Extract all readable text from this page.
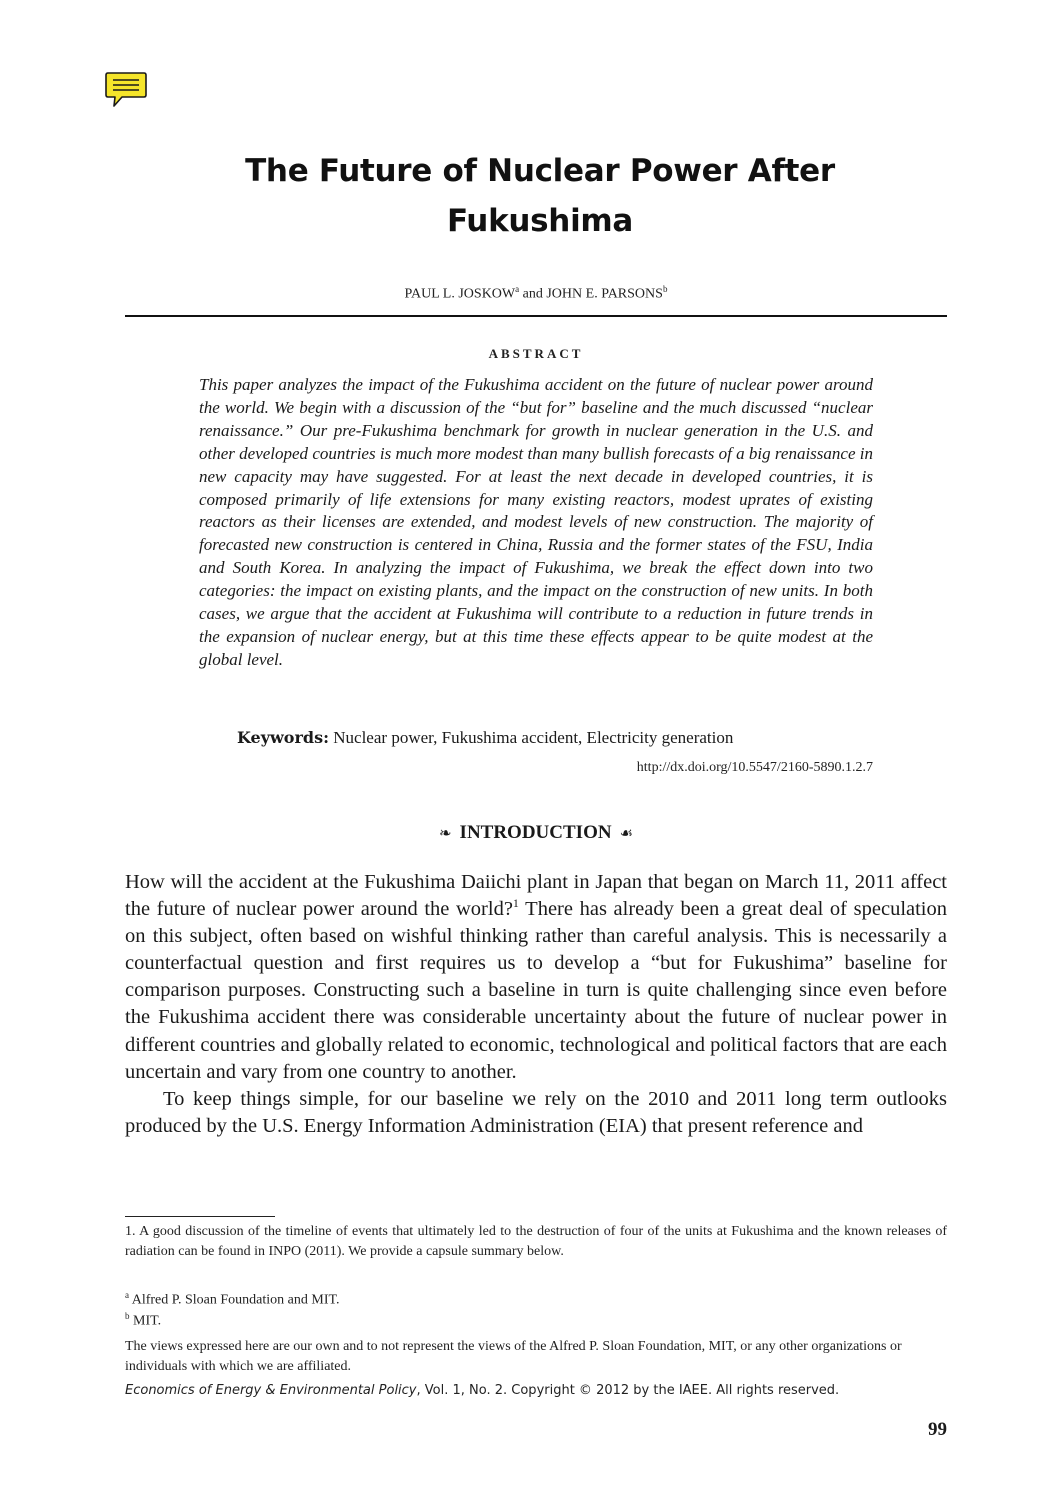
The Future of Nuclear Power After Fukushima
PAUL L. JOSKOW$^a$ and JOHN E. PARSONS$^b$
ABSTRACT

This paper analyzes the impact of the Fukushima accident on the future of nuclear power around the world. We begin with a discussion of the “but for” baseline and the much discussed “nuclear renaissance.” Our pre-Fukushima benchmark for growth in nuclear generation in the U.S. and other developed countries is much more modest than many bullish forecasts of a big renaissance in new capacity may have suggested. For at least the next decade in developed countries, it is composed primarily of life extensions for many existing reactors, modest uprates of existing reactors as their licenses are extended, and modest levels of new construction. The majority of forecasted new construction is centered in China, Russia and the former states of the FSU, India and South Korea. In analyzing the impact of Fukushima, we break the effect down into two categories: the impact on existing plants, and the impact on the construction of new units. In both cases, we argue that the accident at Fukushima will contribute to a reduction in future trends in the expansion of nuclear energy, but at this time these effects appear to be quite modest at the global level.

Keywords: Nuclear power, Fukushima accident, Electricity generation
http://dx.doi.org/10.5547/2160-5890.1.2.7
❧ INTRODUCTION ☙

How will the accident at the Fukushima Daiichi plant in Japan that began on March 11, 2011 affect the future of nuclear power around the world?$^1$ There has already been a great deal of speculation on this subject, often based on wishful thinking rather than careful analysis. This is necessarily a counterfactual question and first requires us to develop a “but for Fukushima” baseline for comparison purposes. Constructing such a baseline in turn is quite challenging since even before the Fukushima accident there was considerable uncertainty about the future of nuclear power in different countries and globally related to economic, technological and political factors that are each uncertain and vary from one country to another.

To keep things simple, for our baseline we rely on the 2010 and 2011 long term outlooks produced by the U.S. Energy Information Administration (EIA) that present reference and

1. A good discussion of the timeline of events that ultimately led to the destruction of four of the units at Fukushima and the known releases of radiation can be found in INPO (2011). We provide a capsule summary below.

$^a$ Alfred P. Sloan Foundation and MIT.
$^b$ MIT.

The views expressed here are our own and to not represent the views of the Alfred P. Sloan Foundation, MIT, or any other organizations or individuals with which we are affiliated.

Economics of Energy & Environmental Policy, Vol. 1, No. 2. Copyright © 2012 by the IAEE. All rights reserved.
99
